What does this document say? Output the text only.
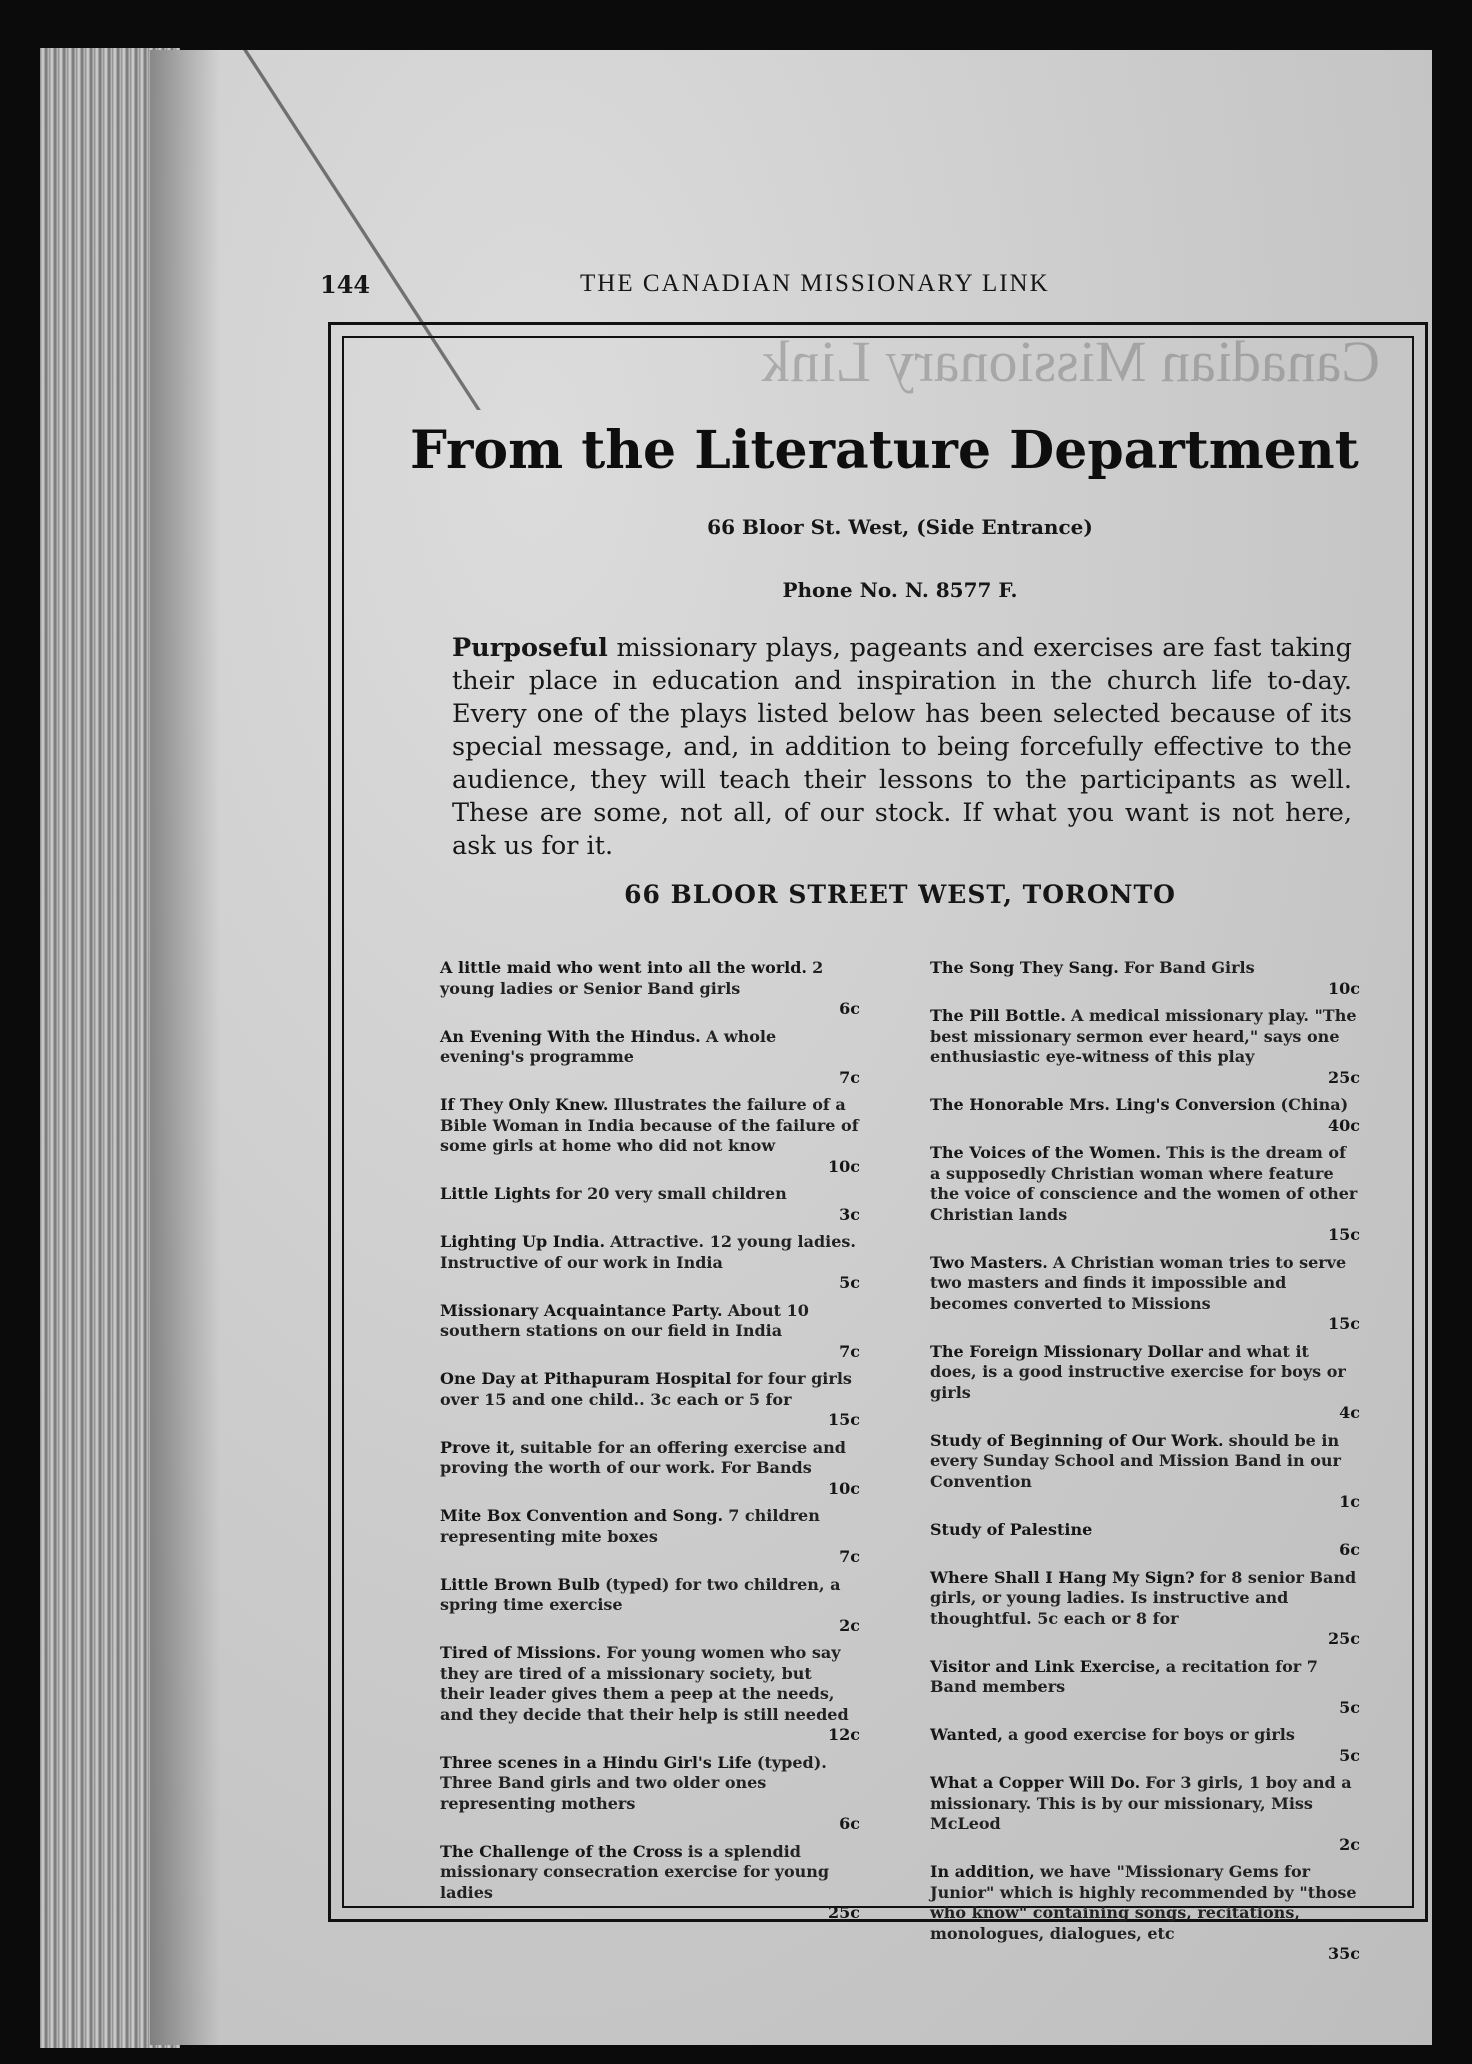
144	THE CANADIAN MISSIONARY LINK
Canadian Missionary Link
From the Literature Department
66 Bloor St. West, (Side Entrance)
Phone No. N. 8577 F.
Purposeful missionary plays, pageants and exercises are fast taking their place in education and inspiration in the church life to-day. Every one of the plays listed below has been selected because of its special message, and, in addition to being forcefully effective to the audience, they will teach their lessons to the participants as well. These are some, not all, of our stock. If what you want is not here, ask us for it.
66 BLOOR STREET WEST, TORONTO
A little maid who went into all the world. 2 young ladies or Senior Band girls
6c
An Evening With the Hindus. A whole evening's programme
7c
If They Only Knew. Illustrates the failure of a Bible Woman in India because of the failure of some girls at home who did not know
10c
Little Lights for 20 very small children
3c
Lighting Up India. Attractive. 12 young ladies. Instructive of our work in India
5c
Missionary Acquaintance Party. About 10 southern stations on our field in India
7c
One Day at Pithapuram Hospital for four girls over 15 and one child.. 3c each or 5 for
15c
Prove it, suitable for an offering exercise and proving the worth of our work. For Bands
10c
Mite Box Convention and Song. 7 children representing mite boxes
7c
Little Brown Bulb (typed) for two children, a spring time exercise
2c
Tired of Missions. For young women who say they are tired of a missionary society, but their leader gives them a peep at the needs, and they decide that their help is still needed
12c
Three scenes in a Hindu Girl's Life (typed). Three Band girls and two older ones representing mothers
6c
The Challenge of the Cross is a splendid missionary consecration exercise for young ladies
25c
The Song They Sang. For Band Girls
10c
The Pill Bottle. A medical missionary play. "The best missionary sermon ever heard," says one enthusiastic eye-witness of this play
25c
The Honorable Mrs. Ling's Conversion (China)
40c
The Voices of the Women. This is the dream of a supposedly Christian woman where feature the voice of conscience and the women of other Christian lands
15c
Two Masters. A Christian woman tries to serve two masters and finds it impossible and becomes converted to Missions
15c
The Foreign Missionary Dollar and what it does, is a good instructive exercise for boys or girls
4c
Study of Beginning of Our Work. should be in every Sunday School and Mission Band in our Convention
1c
Study of Palestine
6c
Where Shall I Hang My Sign? for 8 senior Band girls, or young ladies. Is instructive and thoughtful. 5c each or 8 for
25c
Visitor and Link Exercise, a recitation for 7 Band members
5c
Wanted, a good exercise for boys or girls
5c
What a Copper Will Do. For 3 girls, 1 boy and a missionary. This is by our missionary, Miss McLeod
2c
In addition, we have "Missionary Gems for Junior" which is highly recommended by "those who know" containing songs, recitations, monologues, dialogues, etc
35c
